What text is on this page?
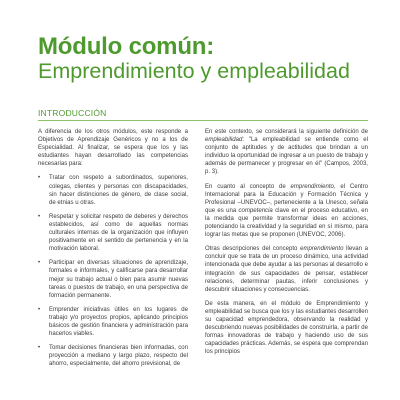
Módulo común:
Emprendimiento y empleabilidad
INTRODUCCIÓN

A diferencia de los otros módulos, este responde a Objetivos de Aprendizaje Genéricos y no a los de Especialidad. Al finalizar, se espera que los y las estudiantes hayan desarrollado las competencias necesarias para:

• Tratar con respeto a subordinados, superiores, colegas, clientes y personas con discapacidades, sin hacer distinciones de género, de clase social, de etnias u otras.
• Respetar y solicitar respeto de deberes y derechos establecidos, así como de aquellas normas culturales internas de la organización que influyen positivamente en el sentido de pertenencia y en la motivación laboral.
• Participar en diversas situaciones de aprendizaje, formales e informales, y calificarse para desarrollar mejor su trabajo actual o bien para asumir nuevas tareas o puestos de trabajo, en una perspectiva de formación permanente.
• Emprender iniciativas útiles en los lugares de trabajo y/o proyectos propios, aplicando principios básicos de gestión financiera y administración para hacerlos viables.
• Tomar decisiones financieras bien informadas, con proyección a mediano y largo plazo, respecto del ahorro, especialmente, del ahorro previsional, de

En este contexto, se considerará la siguiente definición de empleabilidad: "La empleabilidad se entiende como el conjunto de aptitudes y de actitudes que brindan a un individuo la oportunidad de ingresar a un puesto de trabajo y además de permanecer y progresar en él" (Campos, 2003, p. 3).

En cuanto al concepto de emprendimiento, el Centro Internacional para la Educación y Formación Técnica y Profesional –UNEVOC–, perteneciente a la Unesco, señala que es una competencia clave en el proceso educativo, en la medida que permite transformar ideas en acciones, potenciando la creatividad y la seguridad en sí mismo, para lograr las metas que se proponen (UNEVOC, 2006).

Otras descripciones del concepto emprendimiento llevan a concluir que se trata de un proceso dinámico, una actividad intencionada que debe ayudar a las personas al desarrollo e integración de sus capacidades de pensar, establecer relaciones, determinar pautas, inferir conclusiones y descubrir situaciones y consecuencias.

De esta manera, en el módulo de Emprendimiento y empleabilidad se busca que los y las estudiantes desarrollen su capacidad emprendedora, observando la realidad y descubriendo nuevas posibilidades de construirla, a partir de formas innovadoras de trabajo y haciendo uso de sus capacidades prácticas. Además, se espera que comprendan los principios
